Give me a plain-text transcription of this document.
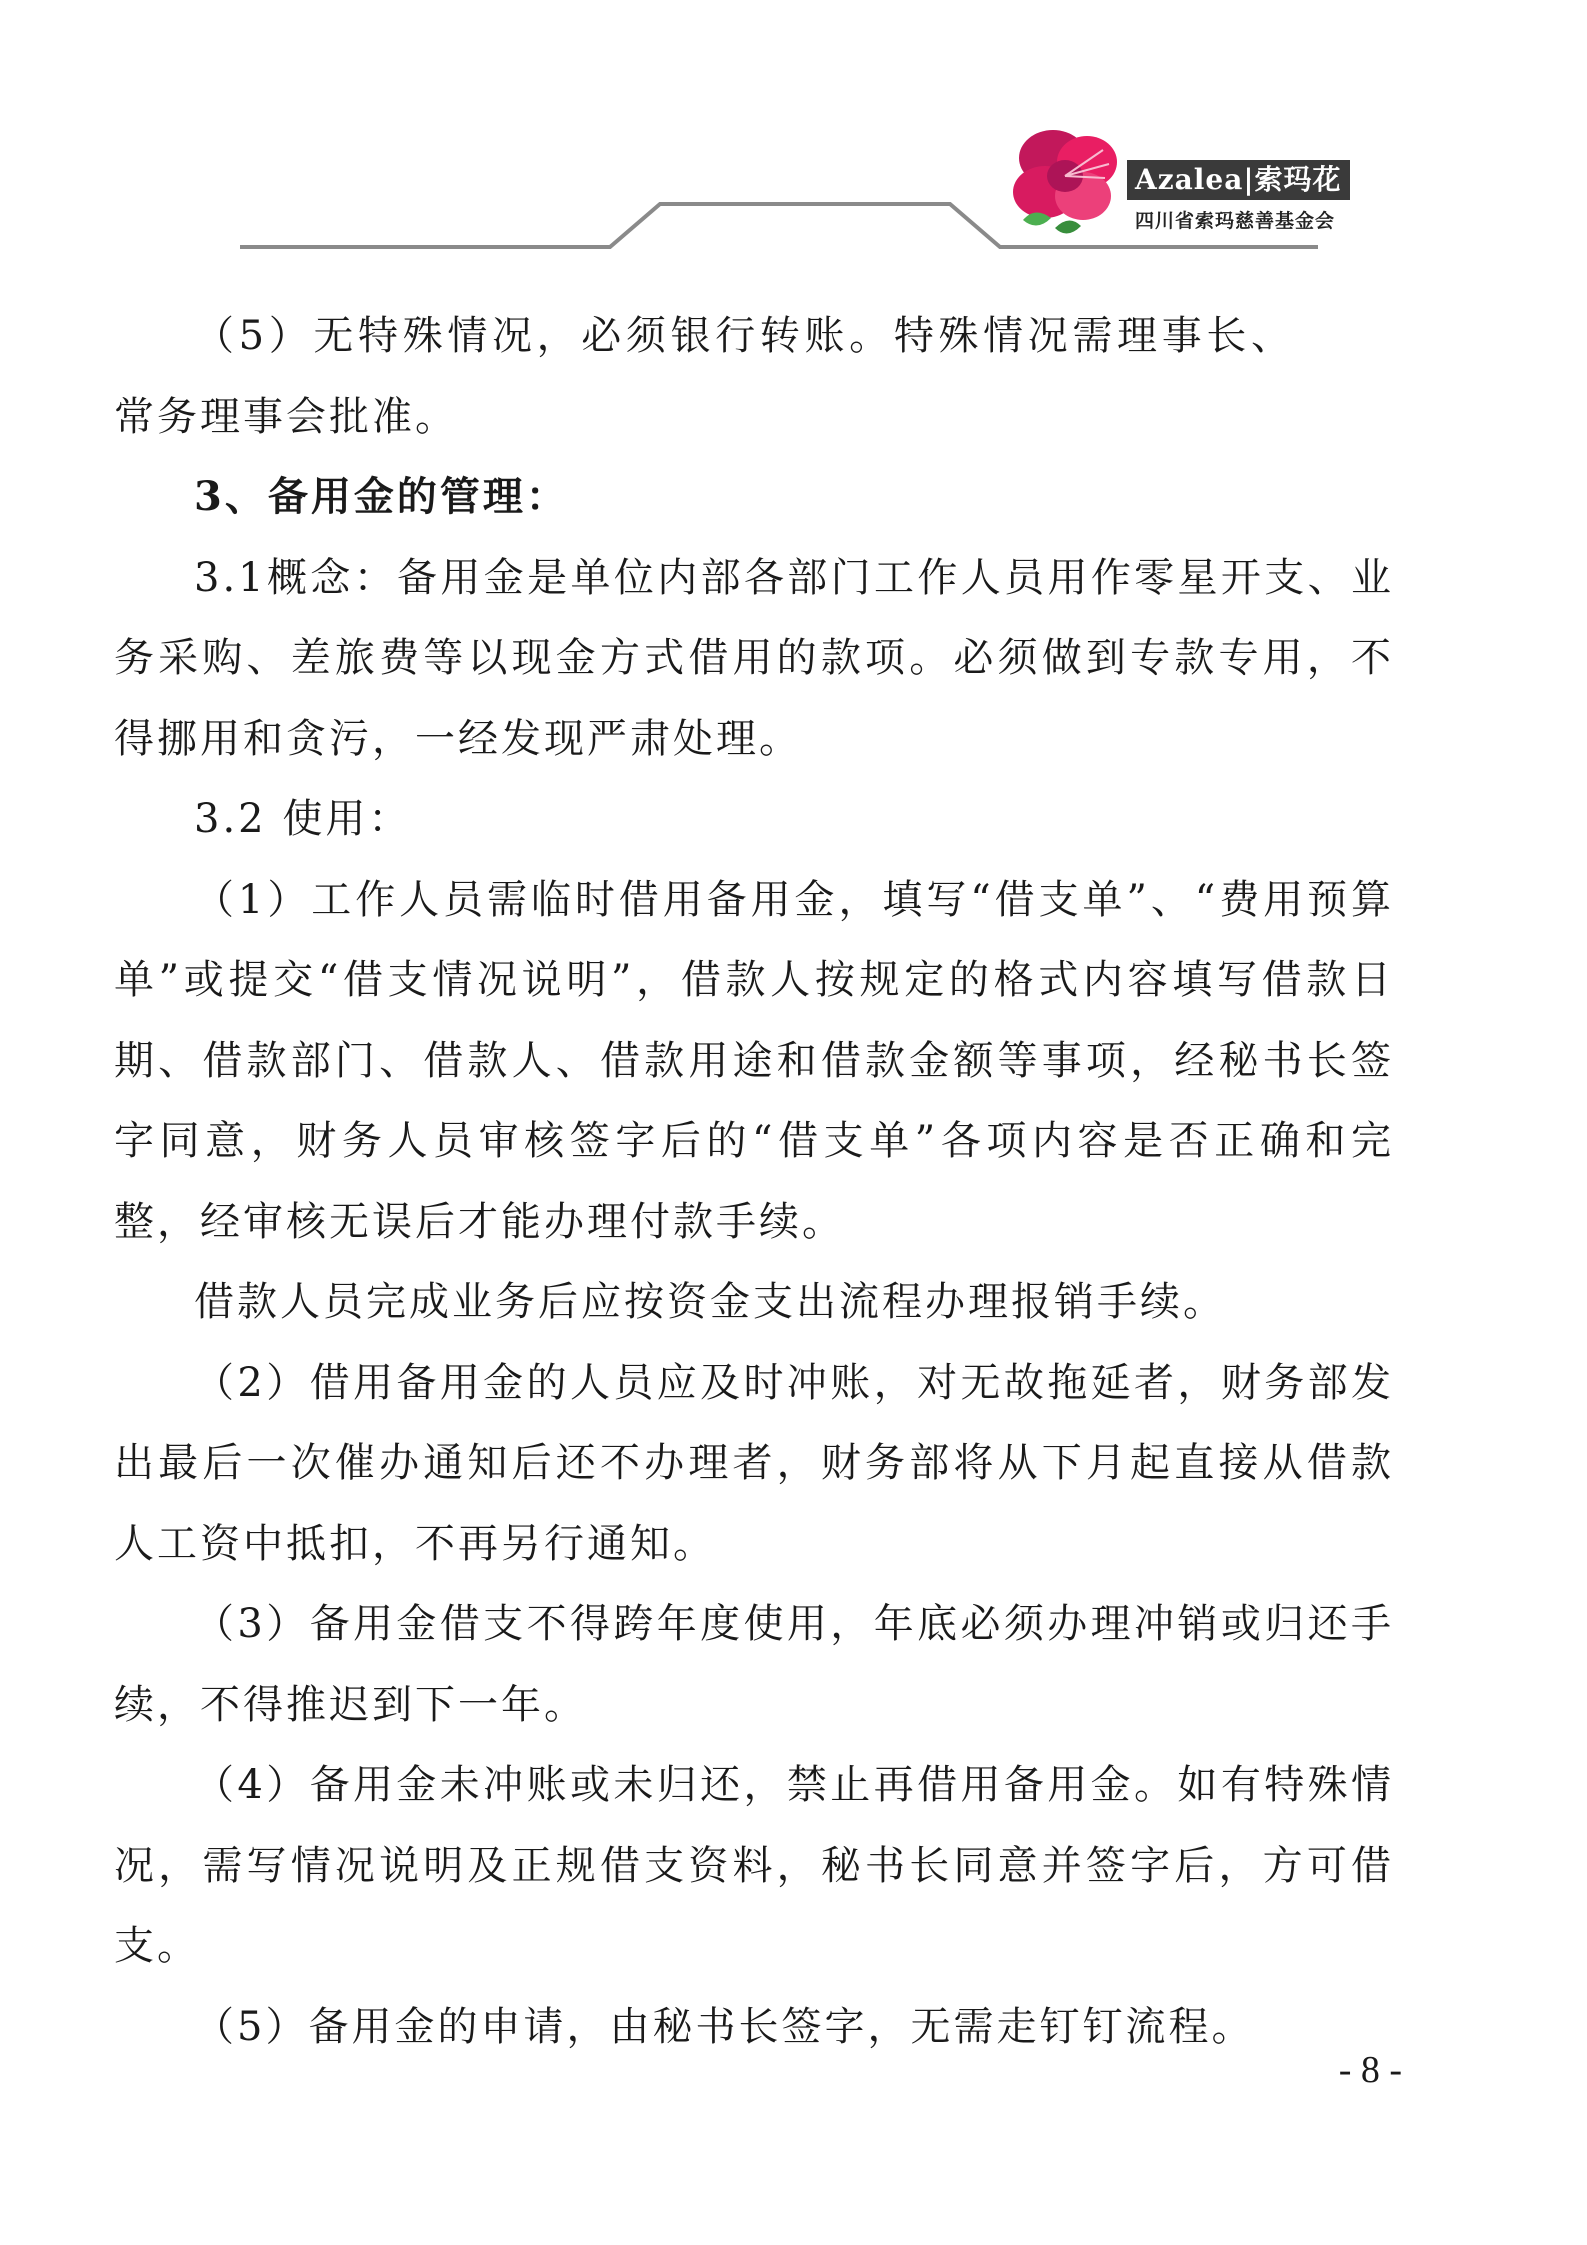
Azalea|索玛花
四川省索玛慈善基金会

（5）无特殊情况，必须银行转账。特殊情况需理事长、常务理事会批准。

3、备用金的管理：

3.1概念：备用金是单位内部各部门工作人员用作零星开支、业务采购、差旅费等以现金方式借用的款项。必须做到专款专用，不得挪用和贪污，一经发现严肃处理。

3.2 使用：

（1）工作人员需临时借用备用金，填写“借支单”、“费用预算单”或提交“借支情况说明”，借款人按规定的格式内容填写借款日期、借款部门、借款人、借款用途和借款金额等事项，经秘书长签字同意，财务人员审核签字后的“借支单”各项内容是否正确和完整，经审核无误后才能办理付款手续。

借款人员完成业务后应按资金支出流程办理报销手续。

（2）借用备用金的人员应及时冲账，对无故拖延者，财务部发出最后一次催办通知后还不办理者，财务部将从下月起直接从借款人工资中抵扣，不再另行通知。

（3）备用金借支不得跨年度使用，年底必须办理冲销或归还手续，不得推迟到下一年。

（4）备用金未冲账或未归还，禁止再借用备用金。如有特殊情况，需写情况说明及正规借支资料，秘书长同意并签字后，方可借支。

（5）备用金的申请，由秘书长签字，无需走钉钉流程。

- 8 -
